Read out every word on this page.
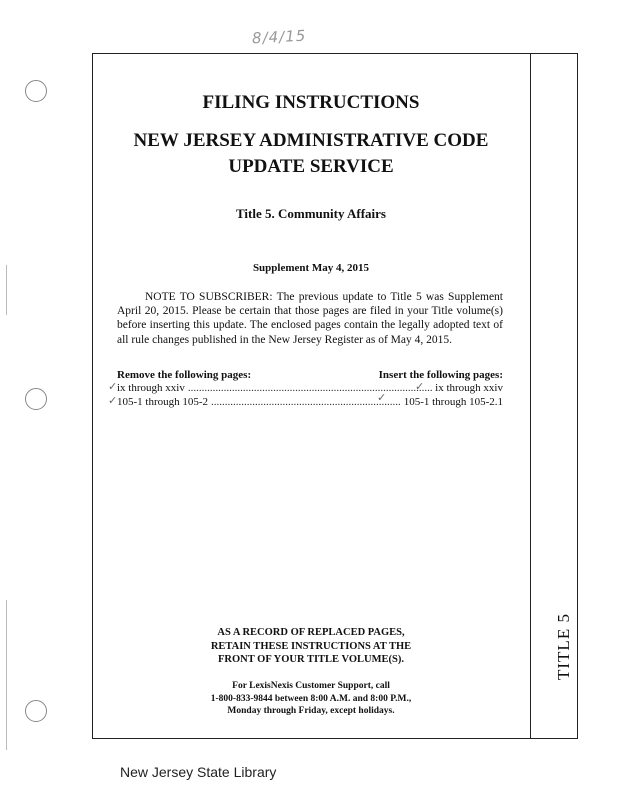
8/4/15
TITLE 5
FILING INSTRUCTIONS
NEW JERSEY ADMINISTRATIVE CODE
UPDATE SERVICE
Title 5. Community Affairs
Supplement May 4, 2015
NOTE TO SUBSCRIBER: The previous update to Title 5 was Supplement April 20, 2015. Please be certain that those pages are filed in your Title volume(s) before inserting this update. The enclosed pages contain the legally adopted text of all rule changes published in the New Jersey Register as of May 4, 2015.
Remove the following pages:	Insert the following pages:
ix through xxiv .....	ix through xxiv
105-1 through 105-2 .....	105-1 through 105-2.1
✓
✓
✓
✓
AS A RECORD OF REPLACED PAGES,
RETAIN THESE INSTRUCTIONS AT THE
FRONT OF YOUR TITLE VOLUME(S).
For LexisNexis Customer Support, call
1-800-833-9844 between 8:00 A.M. and 8:00 P.M.,
Monday through Friday, except holidays.
New Jersey State Library
